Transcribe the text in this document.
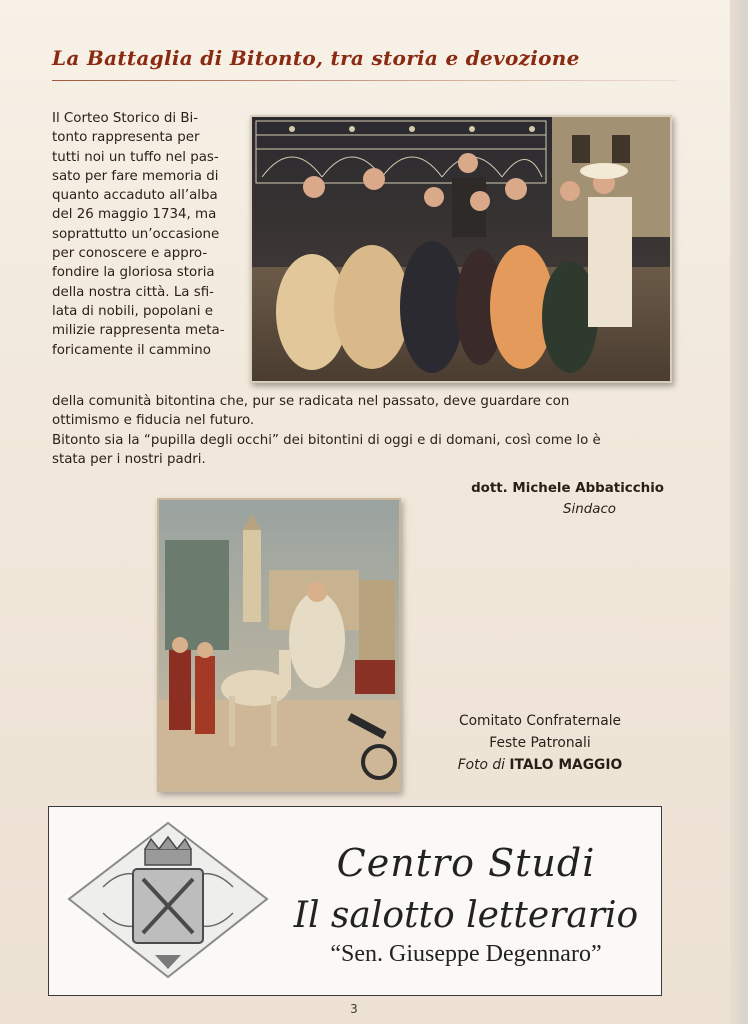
La Battaglia di Bitonto, tra storia e devozione

Il Corteo Storico di Bi-

tonto rappresenta per

tutti noi un tuffo nel pas-

sato per fare memoria di

quanto accaduto all’alba

del 26 maggio 1734, ma

soprattutto un’occasione

per conoscere e appro-

fondire la gloriosa storia

della nostra città. La sfi-

lata di nobili, popolani e

milizie rappresenta meta-

foricamente il cammino

della comunità bitontina che, pur se radicata nel passato, deve guardare con

ottimismo e fiducia nel futuro.

Bitonto sia la “pupilla degli occhi” dei bitontini di oggi e di domani, così come lo è

stata per i nostri padri.

dott. Michele Abbaticchio
Sindaco
Comitato Confraternale
Feste Patronali
Foto di ITALO MAGGIO
Centro Studi
Il salotto letterario
“Sen. Giuseppe Degennaro”
3
